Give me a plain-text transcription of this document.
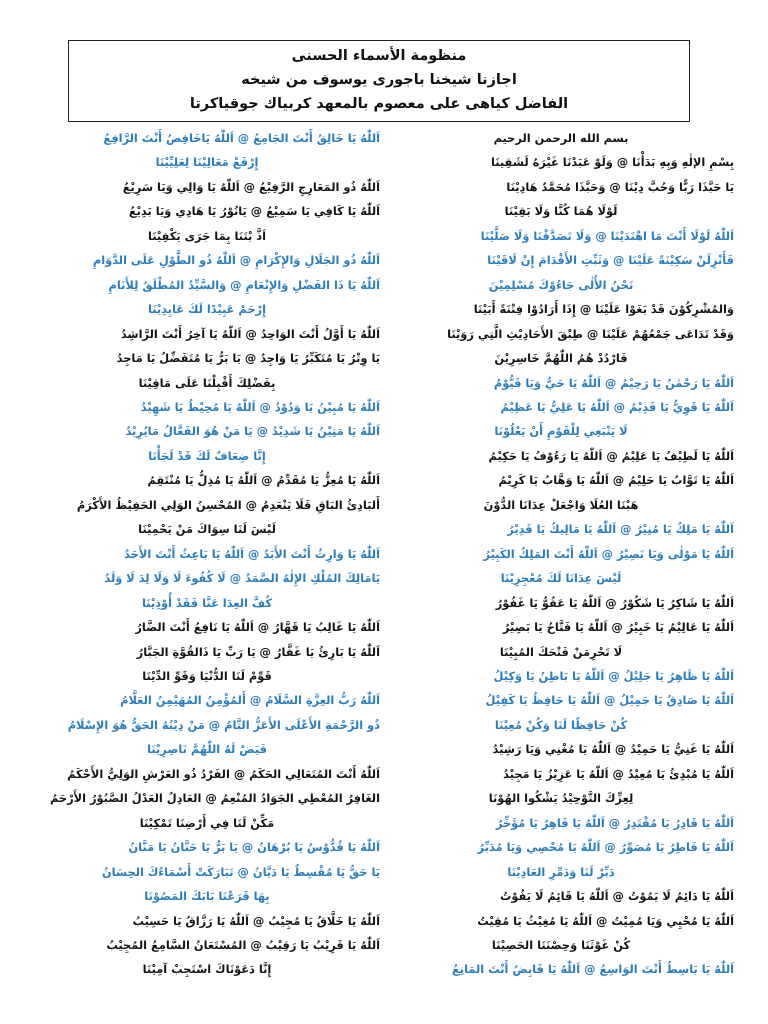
منظومة الأسماء الحسنى
اجازنا شيخنا باجورى يوسوف من شيخه
الفاضل كياهى على معصوم بالمعهد كربياك جوقياكرتا
اَللّٰهُ يَا خَالِقُ أَنْتَ الجَامِعُ @ اَللّٰهُ يَاخَافِضُ أَنْتَ الرَّافِعُ
إِرْفَعْ مَعَالِيْنَا لِعَلِيِّيْنَا
اَللّٰهُ ذُو المَعَارِجِ الرَّفِيْعُ @ اَللّٰهُ يَا وَالِي وَيَا سَرِيْعُ
اَللّٰهُ يَا كَافِي يَا سَمِيْعُ @ يَانُوْرُ يَا هَادِي وَيَا بَدِيْعُ
اَذَّ بْتَنَا بِمَا جَرَى يَكْفِيْنَا
اَللّٰهُ ذُو الجَلَالِ وَالإِكْرَامِ @ اَللّٰهُ ذُو الطَّوْلِ عَلَى الدَّوَامِ
اَللّٰهُ يَا ذَا الفَضْلِ وَالإِنْعَامِ @ وَالسَّيِّدُ المُطْلَقُ لِلأَنَامِ
إِرْحَمْ عَبِيْدًا لَكَ عَابِدِيْنَا
اَللّٰهُ يَا أَوَّلُ أَنْتَ الوَاحِدُ @ اَللّٰهُ يَا آخِرُ أَنْتَ الرَّاشِدُ
يَا وِتْرُ يَا مُتَكَبِّرُ يَا وَاجِدُ @ يَا بَرُّ يَا مُتَفَضِّلُ يَا مَاجِدُ
بِفَضْلِكَ أَقْبِلْنَا عَلَى مَاقِيْنَا
اَللّٰهُ يَا مُبِيْنُ يَا وَدُوْدُ @ اَللّٰهُ يَا مُحِيْطُ يَا شَهِيْدُ
اَللّٰهُ يَا مَتِيْنُ يَا شَدِيْدُ @ يَا مَنْ هُوَ الفَعَّالُ مَايُرِيْدُ
إِنَّا ضِعَافٌ لَكَ قَدْ لَجَأْنَا
اَللّٰهُ يَا مُعِزُّ يَا مُقَدِّمُ @ اَللّٰهُ يَا مُذِلُّ يَا مُنْتَقِمُ
أَلبَادِئُ البَاقِ فَلَا يَنْعَدِمُ @ المُحْسِنُ الوَلِي الحَفِيْظُ الأَكْرَمُ
لَيْسَ لَنَا سِوَاكَ مَنْ يَحْمِيْنَا
اَللّٰهُ يَا وَارِثُ أَنْتَ الأَبَدُ @ اَللّٰهُ يَا بَاعِثُ أَنْتَ الأَحَدُ
يَامَالِكَ المُلْكِ الإِلٰهُ الصَّمَدُ @ لَا كُفُوءَ لَا وَلَا لِدَ لَا وَلَدُ
كُفَّ العِدَا عَنَّا فَقَدْ أُوْذِيْنَا
اَللّٰهُ يَا غَالِبُ يَا قَهَّارُ @ اَللّٰهُ يَا نَافِعُ أَنْتَ الضَّارُ
اَللّٰهُ يَا بَارِئُ يَا غَفَّارُ @ يَا رَبِّ يَا ذَالقُوَّةِ الجَبَّارُ
قَوِّمْ لَنَا الدُّنْيَا وَقَوِّ الدِّيْنَا
اَللّٰهُ رَبُّ العِزَّةِ السَّلَامُ @ أَلمُؤْمِنُ المُهَيْمِنُ العَلَّامُ
ذُو الرَّحْمَةِ الأَعْلَى الأَعَزُّ التَّامُ @ مَنْ دِيْنُهُ الحَقُّ هُوَ الإِسْلَامُ
فَيَضْ لَهُ اللّٰهُمَّ نَاصِرِيْنَا
اَللّٰهُ أَنْتَ المُتَعَالِي الحَكَمُ @ الفَرْدُ ذُو العَرْشِ الوَلِيُّ الأَحْكَمُ
الغَافِرُ المُعْطِي الجَوَادُ المُنْعِمُ @ العَادِلُ العَدْلُ الصَّبُوْرُ الأَرْحَمُ
مَكِّنْ لَنَا فِي أَرْضِنَا تَمْكِيْنَا
اَللّٰهُ يَا قُدُّوْسُ يَا بُرْهَانُ @ يَا بَرُّ يَا حَنَّانُ يَا مَنَّانُ
يَا حَقُّ يَا مُقْسِطُ يَا دَيَّانُ @ تَبَارَكَتْ أَسْمَاءُكَ الحِسَانُ
بِهَا قَرَعْنَا بَابَكَ المَصُوْنَا
اَللّٰهُ يَا خَلَّاقُ يَا مُجِيْبُ @ اَللّٰهُ يَا رَزَّاقُ يَا حَسِيْبُ
اَللّٰهُ يَا قَرِيْبُ يَا رَقِيْبُ @ المُسْتَعَانُ السَّامِعُ المُجِيْبُ
إِنَّا دَعَوْنَاكَ اسْتَجِبْ آمِيْنَا
بسم الله الرحمن الرحيم
بِسْمِ الإلٰهِ وَبِهِ بَدَأْنَا @ وَلَوْ عَبَدْنَا غَيْرَهُ لَشَقِينَا
يَا حَبَّذَا رَبًّا وَحُبَّ دِيْنَا @ وَحَبَّذَا مُحَمَّدٌ هَادِيْنَا
لَوْلَا هُمَا كُنَّا وَلَا بَقِيْنَا
اَللّٰهُ لَوْلَا أَنْتَ مَا اهْتَدَيْنَا @ وَلَا تَصَدَّقْنَا وَلَا صَلَّيْنَا
فَأَنْزِلَنْ سَكِيْنَةً عَلَيْنَا @ وَثَبِّتِ الأَقْدَامَ إِنْ لَاقَيْنَا
نَحْنُ الأُلٰى جَاءُوْكَ مُسْلِمِيْنَ
وَالمُشْرِكُوْنَ قَدْ بَغَوْا عَلَيْنَا @ إِذَا أَرَادُوْا فِتْنَةً أَبَيْنَا
وَقَدْ تَدَاعَى جَمْعُهُمْ عَلَيْنَا @ طِبْقَ الأَحَادِيْثِ الَّتِي رَوَيْنَا
فَارْدُدْ هُمُ اللّٰهُمَّ خَاسِرِيْنَ
اَللّٰهُ يَا رَحْمٰنُ يَا رَحِيْمُ @ اَللّٰهُ يَا حَيُّ وَيَا قَيُّوْمُ
اَللّٰهُ يَا قَوِيُّ يَا قَدِيْمُ @ اَللّٰهُ يَا عَلِيُّ يَا عَظِيْمُ
لَا يَنْبَغِي لِلْقَوْمِ أَنْ يَعْلُوْنَا
اَللّٰهُ يَا لَطِيْفُ يَا عَلِيْمُ @ اَللّٰهُ يَا رَءُوْفُ يَا حَكِيْمُ
اَللّٰهُ يَا تَوَّابُ يَا حَلِيْمُ @ اَللّٰهُ يَا وَهَّابُ يَا كَرِيْمُ
هَبْنَا العُلَا وَاجْعَلْ عِدَانَا الدُّوْنَ
اَللّٰهُ يَا مَلِكُ يَا مُنِيْرُ @ اَللّٰهُ يَا مَالِيكُ يَا قَدِيْرُ
اَللّٰهُ يَا مَوْلٰى وَيَا نَصِيْرُ @ اَللّٰهُ أَنْتَ المَلِكُ الكَبِيْرُ
لَيْسَ عِدَانَا لَكَ مُعْجِزِيْنَا
اَللّٰهُ يَا شَاكِرُ يَا شَكُوْرُ @ اَللّٰهُ يَا عَفُوُّ يَا غَفُوْرُ
اَللّٰهُ يَا عَالِيْمُ يَا خَبِيْرُ @ اَللّٰهُ يَا فَتَّاحُ يَا بَصِيْرُ
لَا تَحْرِمَنْ فَتْحَكَ المُبِيْنَا
اَللّٰهُ يَا ظَاهِرُ يَا جَلِيْلُ @ اَللّٰهُ يَا بَاطِنُ يَا وَكِيْلُ
اَللّٰهُ يَا صَادِقُ يَا جَمِيْلُ @ اَللّٰهُ يَا حَافِظُ يَا كَفِيْلُ
كُنْ حَافِظًا لَنَا وَكُنْ مُعِيْنَا
اَللّٰهُ يَا غَنِيُّ يَا حَمِيْدُ @ اَللّٰهُ يَا مُغْنِي وَيَا رَشِيْدُ
اَللّٰهُ يَا مُبْدِئُ يَا مُعِيْدُ @ اَللّٰهُ يَا عَزِيْزُ يَا مَجِيْدُ
لِعِزِّكَ التَّوْحِيْدُ يَشْكُوا الهُوْنَا
اَللّٰهُ يَا قَادِرُ يَا مُقْتَدِرُ @ اَللّٰهُ يَا قَاهِرُ يَا مُؤَخِّرُ
اَللّٰهُ يَا فَاطِرُ يَا مُصَوِّرُ @ اَللّٰهُ يَا مُحْصِي وَيَا مُدَبِّرُ
دَبِّرْ لَنَا وَدَمِّرِ العَادِيْنَا
اَللّٰهُ يَا دَائِمُ لَا يَمُوْتُ @ اَللّٰهُ يَا قَائِمُ لَا يَفُوْتُ
اَللّٰهُ يَا مُحْيِي وَيَا مُمِيْتُ @ اَللّٰهُ يَا مُغِيْثُ يَا مُقِيْتُ
كُنْ غَوْثَنَا وَحِصْنَنَا الحَصِيْنَا
اَللّٰهُ يَا بَاسِطُ أَنْتَ الوَاسِعُ @ اَللّٰهُ يَا قَابِضُ أَنْتَ المَانِعُ
